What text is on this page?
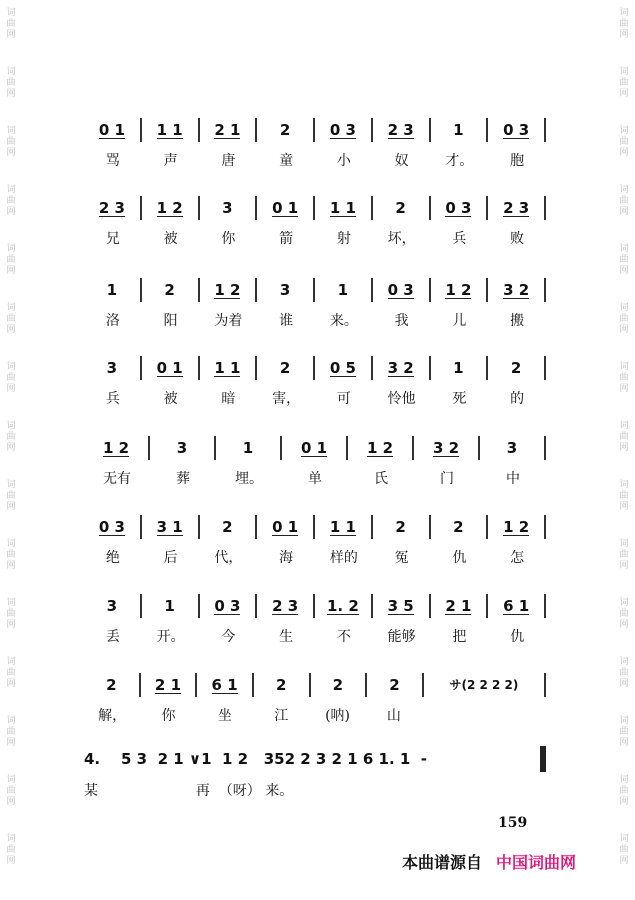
词曲网
词曲网
词曲网
词曲网
词曲网
词曲网
词曲网
词曲网
词曲网
词曲网
词曲网
词曲网
词曲网
词曲网
词曲网
词曲网
词曲网
词曲网
词曲网
词曲网
词曲网
词曲网
词曲网
词曲网
词曲网
词曲网
词曲网
词曲网
词曲网
词曲网
0 1	1 1	2 1	2	0 3	2 3	1	0 3
骂	声	唐	童	小	奴	才。	胞
2 3	1 2	3	0 1	1 1	2	0 3	2 3
兄	被	你	箭	射	坏，	兵	败
1	2	1 2	3	1	0 3	1 2	3 2
洛	阳	为着	谁	来。	我	儿	搬
3	0 1	1 1	2	0 5	3 2	1	2
兵	被	暗	害，	可	怜他	死	的
1 2	3	1	0 1	1 2	3 2	3
无有	葬	埋。	单	氏	门	中
0 3	3 1	2	0 1	1 1	2	2	1 2
绝	后	代，	海	样的	冤	仇	怎
3	1	0 3	2 3	1. 2	3 5	2 1	6 1
丢	开。	今	生	不	能够	把	仇
2	2 1	6 1	2	2	2	サ(2 2 2 2)
解，	你	坐	江	(呐)	山
4.    5 3  2 1 ∨1  1 2   352 2 3 2 1 6 1. 1  -
某                      再  （呀） 来。
159
本曲谱源自 中国词曲网
